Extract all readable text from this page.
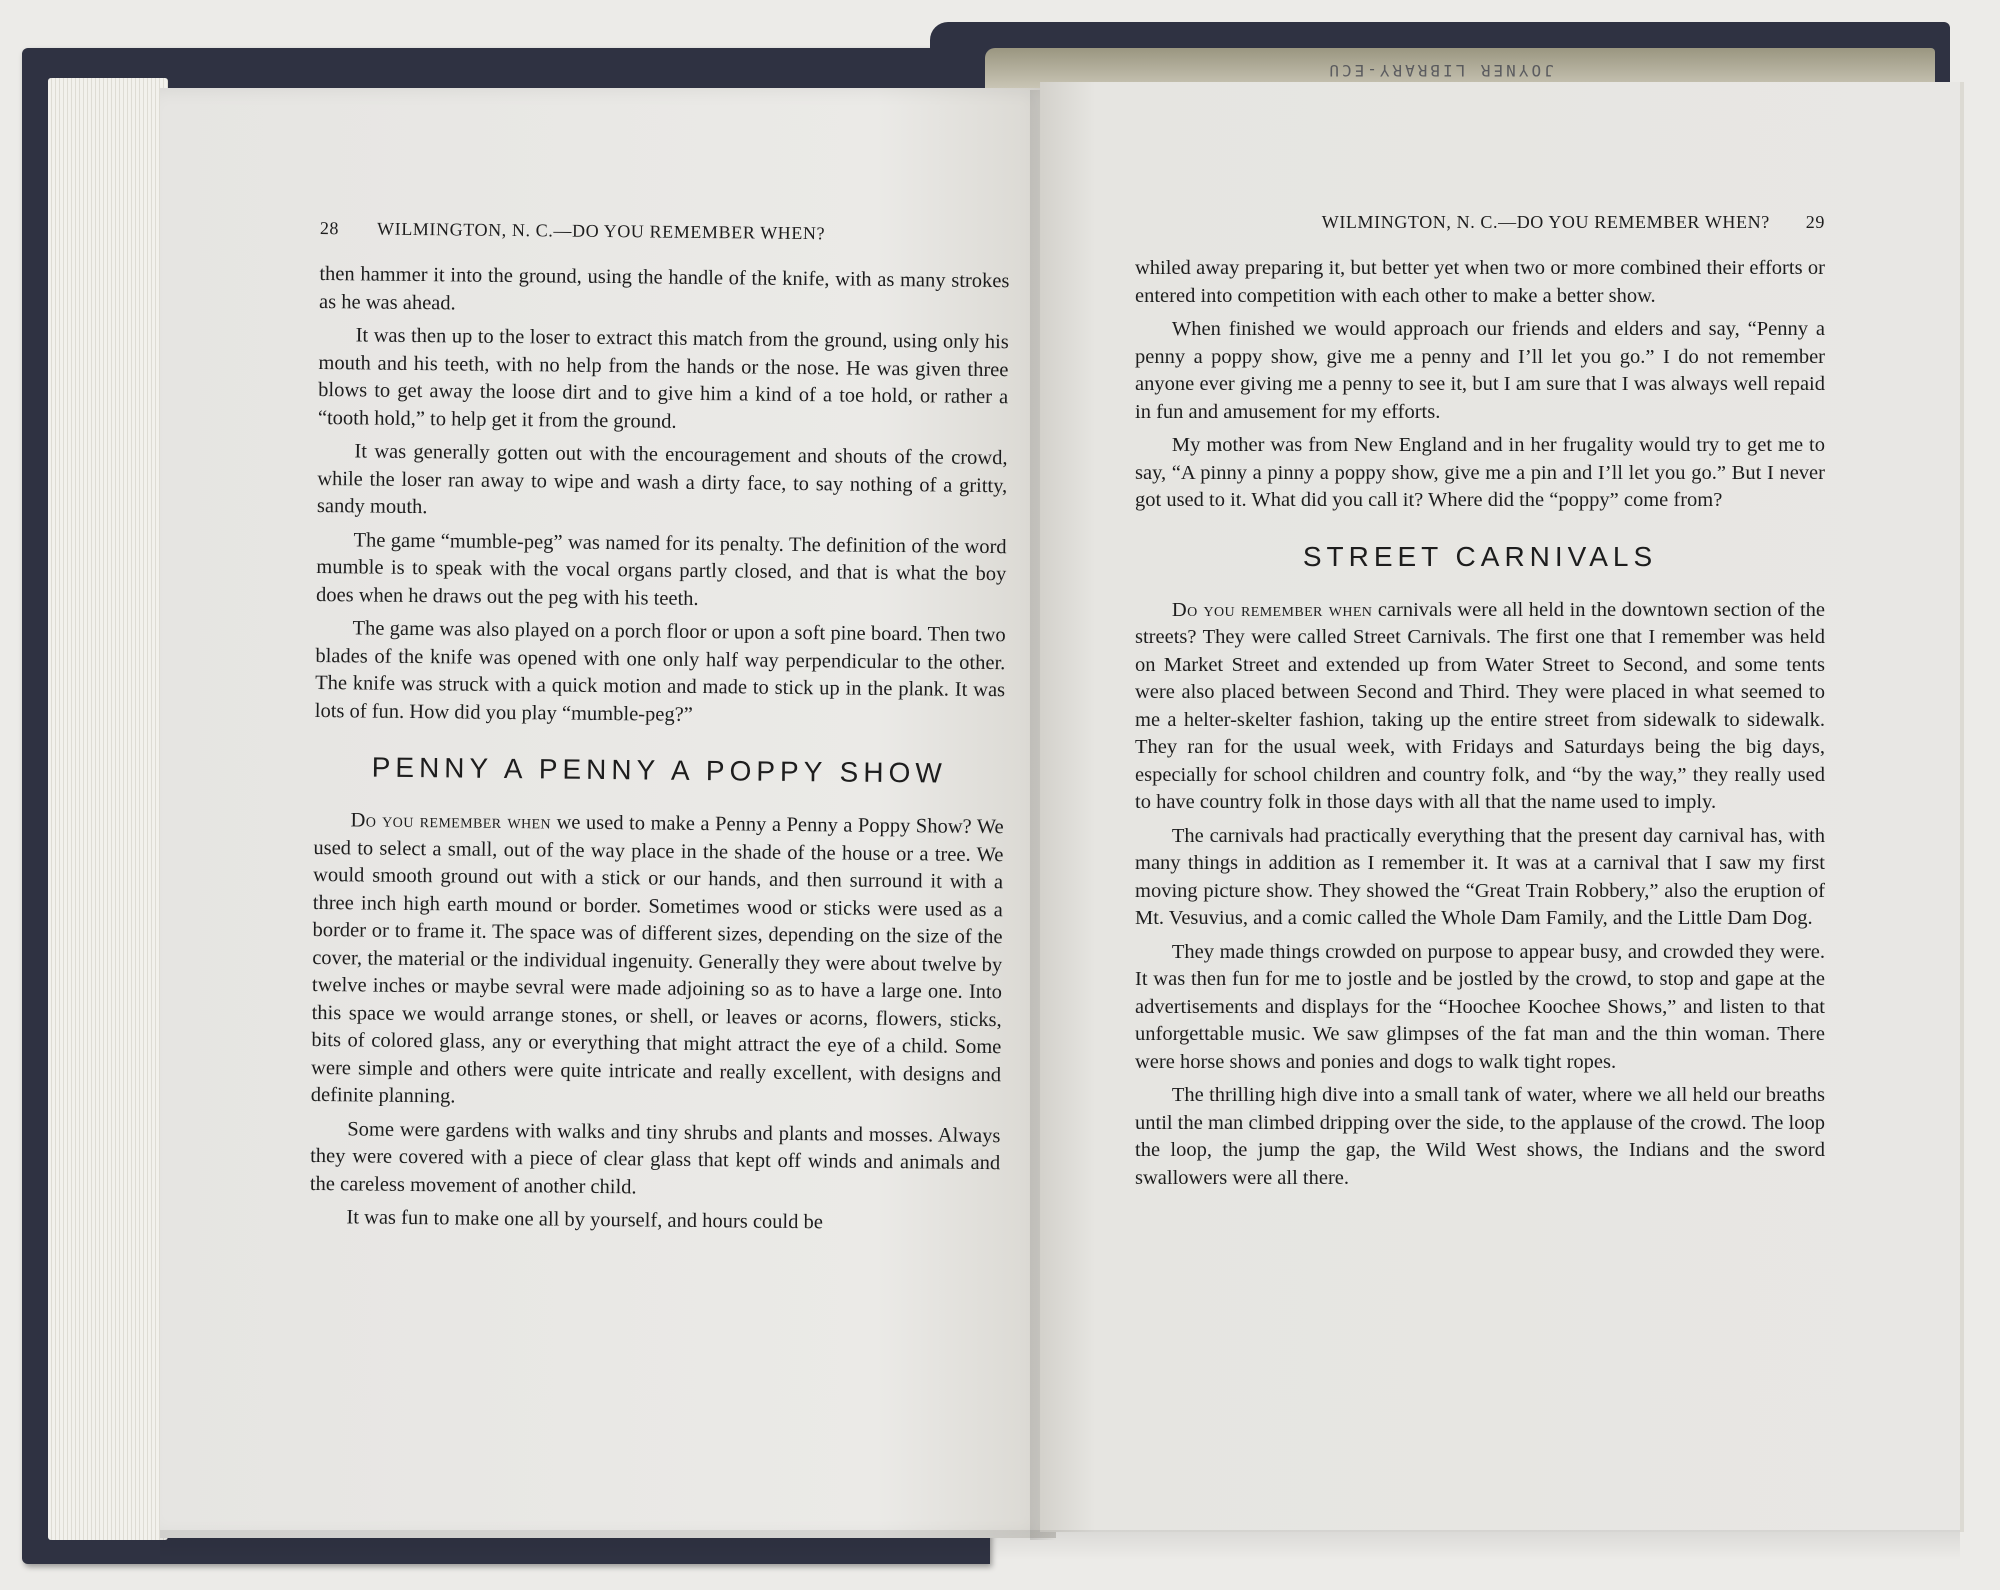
JOYNER LIBRARY-ECU
28 WILMINGTON, N. C.—DO YOU REMEMBER WHEN?

then hammer it into the ground, using the handle of the knife, with as many strokes as he was ahead.

It was then up to the loser to extract this match from the ground, using only his mouth and his teeth, with no help from the hands or the nose. He was given three blows to get away the loose dirt and to give him a kind of a toe hold, or rather a “tooth hold,” to help get it from the ground.

It was generally gotten out with the encouragement and shouts of the crowd, while the loser ran away to wipe and wash a dirty face, to say nothing of a gritty, sandy mouth.

The game “mumble-peg” was named for its penalty. The definition of the word mumble is to speak with the vocal organs partly closed, and that is what the boy does when he draws out the peg with his teeth.

The game was also played on a porch floor or upon a soft pine board. Then two blades of the knife was opened with one only half way perpendicular to the other. The knife was struck with a quick motion and made to stick up in the plank. It was lots of fun. How did you play “mumble-peg?”

PENNY A PENNY A POPPY SHOW

Do you remember when we used to make a Penny a Penny a Poppy Show? We used to select a small, out of the way place in the shade of the house or a tree. We would smooth ground out with a stick or our hands, and then surround it with a three inch high earth mound or border. Sometimes wood or sticks were used as a border or to frame it. The space was of different sizes, depending on the size of the cover, the material or the individual ingenuity. Generally they were about twelve by twelve inches or maybe sevral were made adjoining so as to have a large one. Into this space we would arrange stones, or shell, or leaves or acorns, flowers, sticks, bits of colored glass, any or everything that might attract the eye of a child. Some were simple and others were quite intricate and really excellent, with designs and definite planning.

Some were gardens with walks and tiny shrubs and plants and mosses. Always they were covered with a piece of clear glass that kept off winds and animals and the careless movement of another child.

It was fun to make one all by yourself, and hours could be

WILMINGTON, N. C.—DO YOU REMEMBER WHEN? 29

whiled away preparing it, but better yet when two or more combined their efforts or entered into competition with each other to make a better show.

When finished we would approach our friends and elders and say, “Penny a penny a poppy show, give me a penny and I’ll let you go.” I do not remember anyone ever giving me a penny to see it, but I am sure that I was always well repaid in fun and amusement for my efforts.

My mother was from New England and in her frugality would try to get me to say, “A pinny a pinny a poppy show, give me a pin and I’ll let you go.” But I never got used to it. What did you call it? Where did the “poppy” come from?

STREET CARNIVALS

Do you remember when carnivals were all held in the downtown section of the streets? They were called Street Carnivals. The first one that I remember was held on Market Street and extended up from Water Street to Second, and some tents were also placed between Second and Third. They were placed in what seemed to me a helter-skelter fashion, taking up the entire street from sidewalk to sidewalk. They ran for the usual week, with Fridays and Saturdays being the big days, especially for school children and country folk, and “by the way,” they really used to have country folk in those days with all that the name used to imply.

The carnivals had practically everything that the present day carnival has, with many things in addition as I remember it. It was at a carnival that I saw my first moving picture show. They showed the “Great Train Robbery,” also the eruption of Mt. Vesuvius, and a comic called the Whole Dam Family, and the Little Dam Dog.

They made things crowded on purpose to appear busy, and crowded they were. It was then fun for me to jostle and be jostled by the crowd, to stop and gape at the advertisements and displays for the “Hoochee Koochee Shows,” and listen to that unforgettable music. We saw glimpses of the fat man and the thin woman. There were horse shows and ponies and dogs to walk tight ropes.

The thrilling high dive into a small tank of water, where we all held our breaths until the man climbed dripping over the side, to the applause of the crowd. The loop the loop, the jump the gap, the Wild West shows, the Indians and the sword swallowers were all there.
